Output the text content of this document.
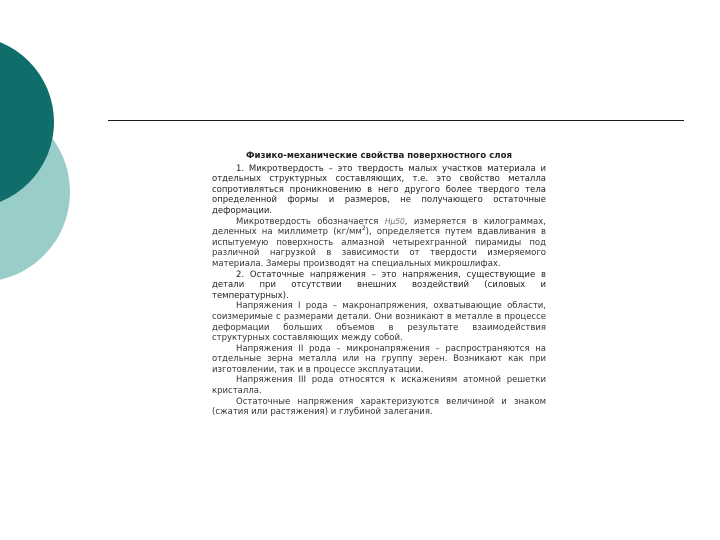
Физико-механические свойства поверхностного слоя

1. Микротвердость – это твердость малых участков материала и отдельных структурных составляющих, т.е. это свойство металла сопротивляться проникновению в него другого более твердого тела определенной формы и размеров, не получающего остаточные деформации.

Микротвердость обозначается Hμ50, измеряется в килограммах, деленных на миллиметр $(кг/мм^2)$, определяется путем вдавливания в испытуемую поверхность алмазной четырехгранной пирамиды под различной нагрузкой в зависимости от твердости измеряемого материала. Замеры производят на специальных микрошлифах.

2. Остаточные напряжения – это напряжения, существующие в детали при отсутствии внешних воздействий (силовых и температурных).

Напряжения I рода – макронапряжения, охватывающие области, соизмеримые с размерами детали. Они возникают в металле в процессе деформации больших объемов в результате взаимодействия структурных составляющих между собой.

Напряжения II рода – микронапряжения – распространяются на отдельные зерна металла или на группу зерен. Возникают как при изготовлении, так и в процессе эксплуатации.

Напряжения III рода относятся к искажениям атомной решетки кристалла.

Остаточные напряжения характеризуются величиной и знаком (сжатия или растяжения) и глубиной залегания.
